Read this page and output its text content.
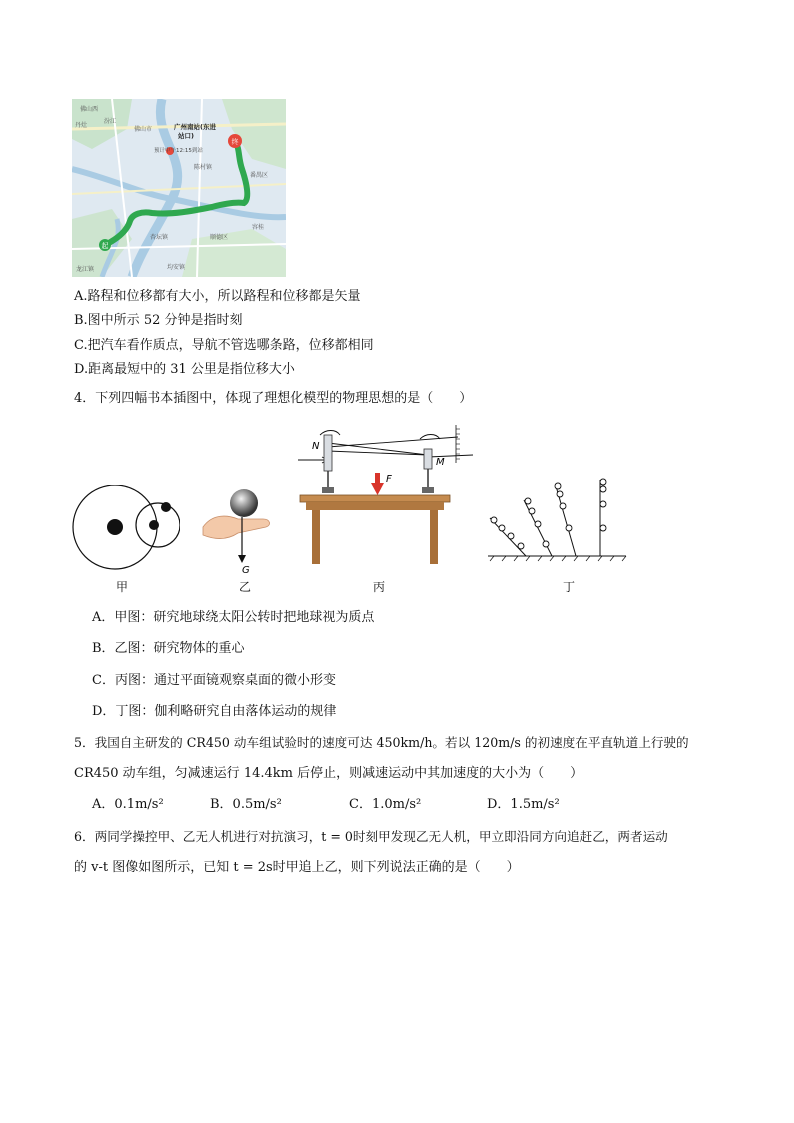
起
终
佛山西
丹灶
汾江
佛山市	广州南站(东进
站口)
预计中午12:15到站
陈村镇
番禺区
顺德区
杏坛镇
均安镇
容桂
龙江镇
A.路程和位移都有大小，所以路程和位移都是矢量
B.图中所示 52 分钟是指时刻
C.把汽车看作质点，导航不管选哪条路，位移都相同
D.距离最短中的 31 公里是指位移大小
4．下列四幅书本插图中，体现了理想化模型的物理思想的是（　　）
甲
G
乙
N
M
F
丙	丁
A．甲图：研究地球绕太阳公转时把地球视为质点
B．乙图：研究物体的重心
C．丙图：通过平面镜观察桌面的微小形变
D．丁图：伽利略研究自由落体运动的规律
5．我国自主研发的 CR450 动车组试验时的速度可达 450km/h。若以 120m/s 的初速度在平直轨道上行驶的
CR450 动车组，匀减速运行 14.4km 后停止，则减速运动中其加速度的大小为（　　）
A．0.1m/s²	B．0.5m/s²	C．1.0m/s²	D．1.5m/s²
6．两同学操控甲、乙无人机进行对抗演习，t = 0时刻甲发现乙无人机，甲立即沿同方向追赶乙，两者运动
的 v-t 图像如图所示，已知 t = 2s时甲追上乙，则下列说法正确的是（　　）
